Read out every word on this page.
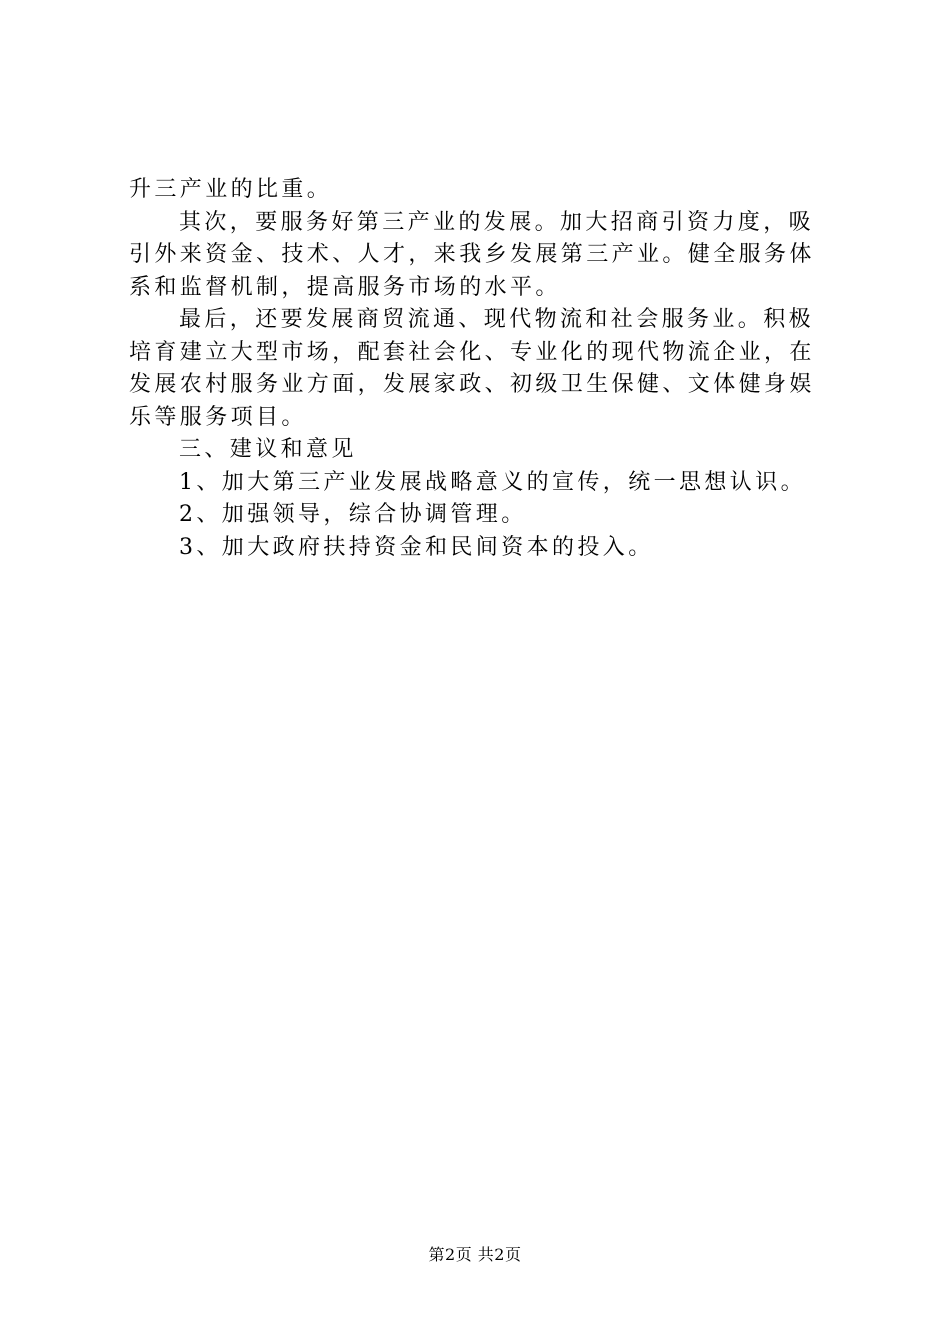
升三产业的比重。
其次，要服务好第三产业的发展。加大招商引资力度，吸
引外来资金、技术、人才，来我乡发展第三产业。健全服务体
系和监督机制，提高服务市场的水平。
最后，还要发展商贸流通、现代物流和社会服务业。积极
培育建立大型市场，配套社会化、专业化的现代物流企业，在
发展农村服务业方面，发展家政、初级卫生保健、文体健身娱
乐等服务项目。
三、建议和意见
1、加大第三产业发展战略意义的宣传，统一思想认识。
2、加强领导，综合协调管理。
3、加大政府扶持资金和民间资本的投入。
第2页 共2页
